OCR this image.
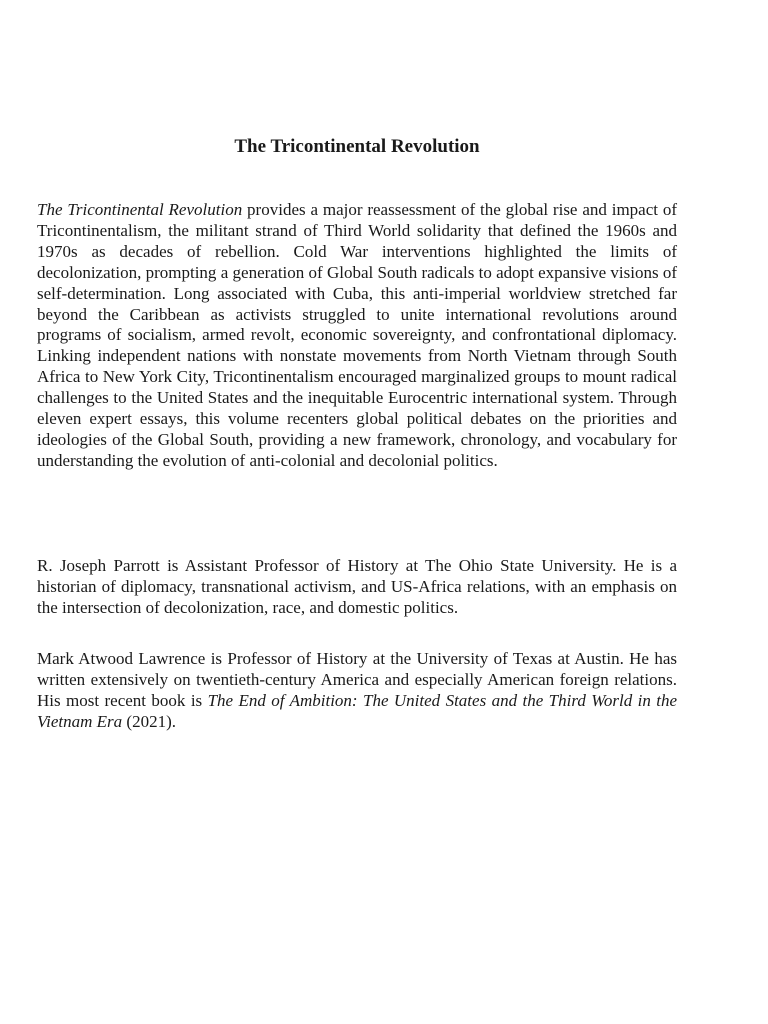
The Tricontinental Revolution

The Tricontinental Revolution provides a major reassessment of the global rise and impact of Tricontinentalism, the militant strand of Third World solidarity that defined the 1960s and 1970s as decades of rebellion. Cold War interventions highlighted the limits of decolonization, prompting a generation of Global South radicals to adopt expansive visions of self-determination. Long associated with Cuba, this anti-imperial worldview stretched far beyond the Caribbean as activists struggled to unite international revolutions around programs of socialism, armed revolt, economic sovereignty, and confrontational diplomacy. Linking independent nations with nonstate movements from North Vietnam through South Africa to New York City, Tricontinentalism encouraged marginalized groups to mount radical challenges to the United States and the inequitable Eurocentric international system. Through eleven expert essays, this volume recenters global political debates on the priorities and ideologies of the Global South, providing a new framework, chronology, and vocabulary for understanding the evolution of anti-colonial and decolonial politics.

R. Joseph Parrott is Assistant Professor of History at The Ohio State University. He is a historian of diplomacy, transnational activism, and US-Africa relations, with an emphasis on the intersection of decolonization, race, and domestic politics.

Mark Atwood Lawrence is Professor of History at the University of Texas at Austin. He has written extensively on twentieth-century America and especially American foreign relations. His most recent book is The End of Ambition: The United States and the Third World in the Vietnam Era (2021).
